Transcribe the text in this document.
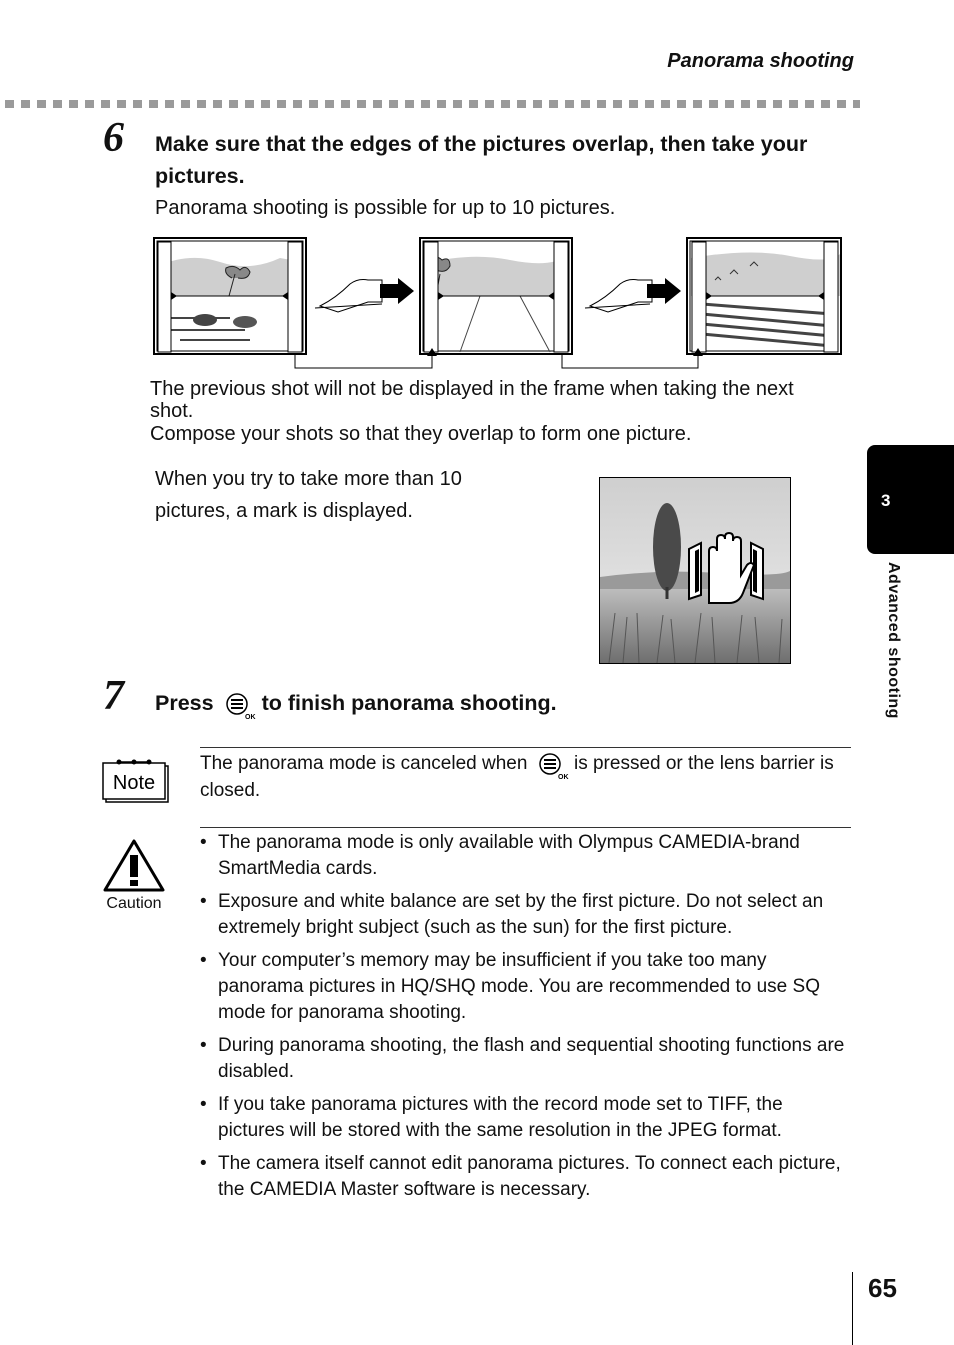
Panorama shooting
6 Make sure that the edges of the pictures overlap, then take your pictures.
Panorama shooting is possible for up to 10 pictures.
The previous shot will not be displayed in the frame when taking the next shot.
Compose your shots so that they overlap to form one picture.
When you try to take more than 10 pictures, a mark is displayed.
7 Press
OK
to finish panorama shooting.
Note
The panorama mode is canceled when
OK
is pressed or the lens barrier is closed.
Caution
• The panorama mode is only available with Olympus CAMEDIA-brand SmartMedia cards.
• Exposure and white balance are set by the first picture. Do not select an extremely bright subject (such as the sun) for the first picture.
• Your computer’s memory may be insufficient if you take too many panorama pictures in HQ/SHQ mode. You are recommended to use SQ mode for panorama shooting.
• During panorama shooting, the flash and sequential shooting functions are disabled.
• If you take panorama pictures with the record mode set to TIFF, the pictures will be stored with the same resolution in the JPEG format.
• The camera itself cannot edit panorama pictures. To connect each picture, the CAMEDIA Master software is necessary.
3
Advanced shooting
65
